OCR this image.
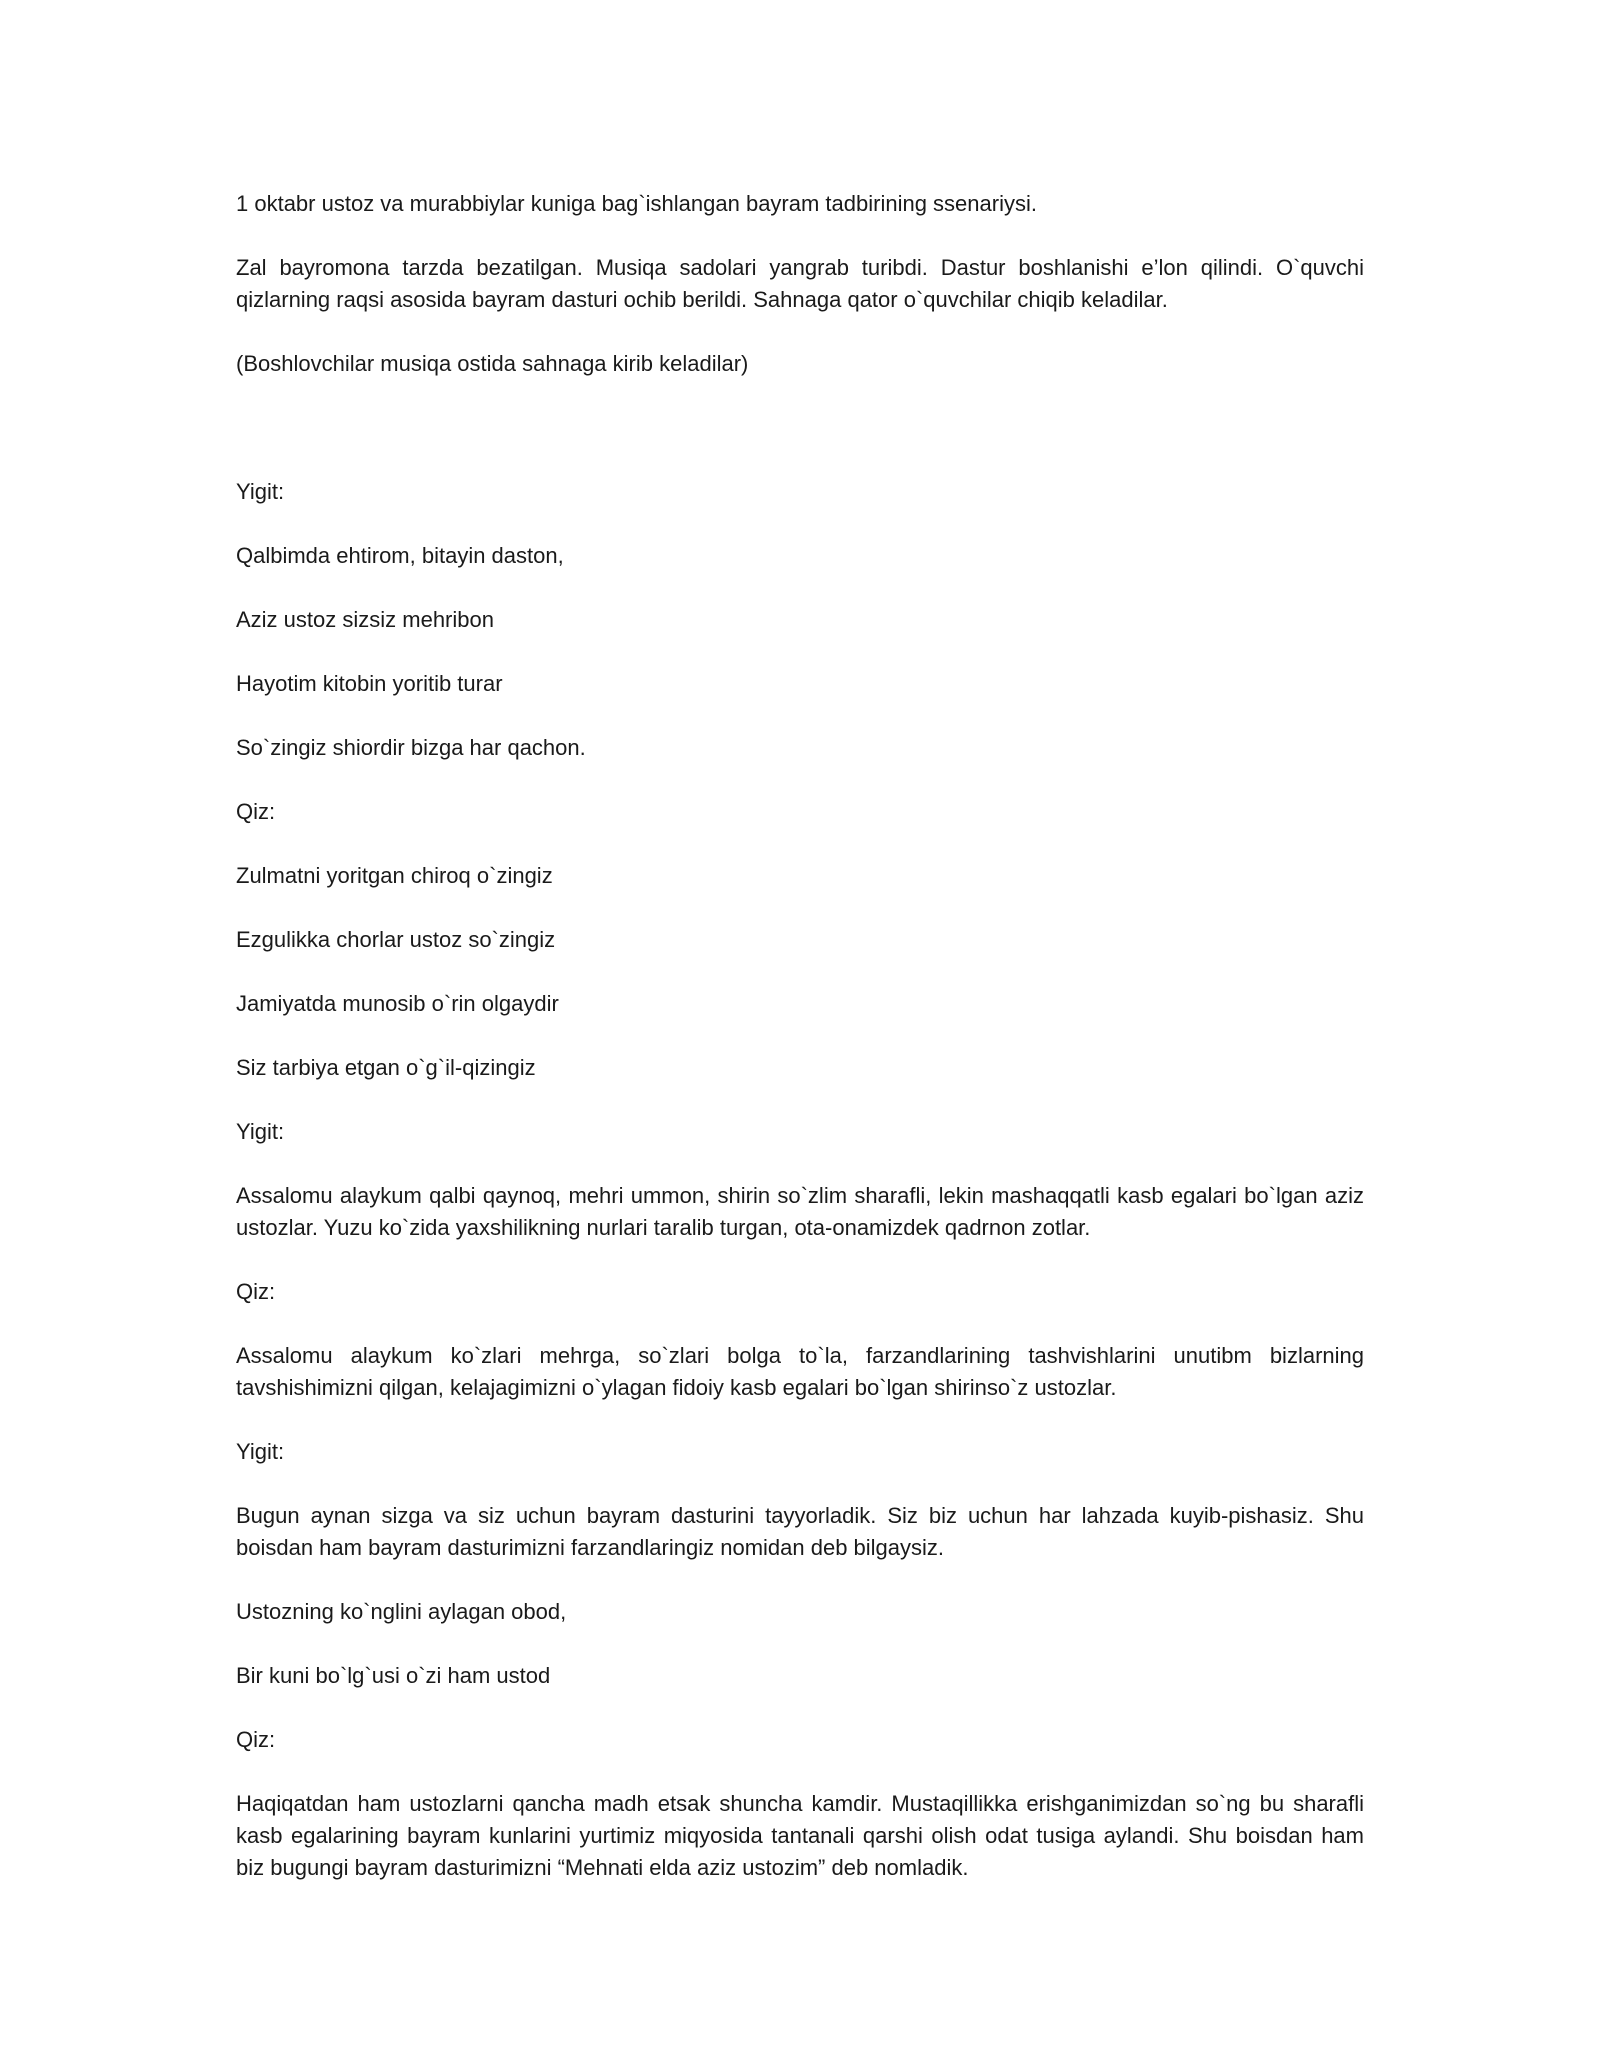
1 oktabr ustoz va murabbiylar kuniga bag`ishlangan bayram tadbirining ssenariysi.

Zal bayromona tarzda bezatilgan. Musiqa sadolari yangrab turibdi. Dastur boshlanishi e’lon qilindi. O`quvchi qizlarning raqsi asosida bayram dasturi ochib berildi. Sahnaga qator o`quvchilar chiqib keladilar.

(Boshlovchilar musiqa ostida sahnaga kirib keladilar)

Yigit:

Qalbimda ehtirom, bitayin daston,

Aziz ustoz sizsiz mehribon

Hayotim kitobin yoritib turar

So`zingiz shiordir bizga har qachon.

Qiz:

Zulmatni yoritgan chiroq o`zingiz

Ezgulikka chorlar ustoz so`zingiz

Jamiyatda munosib o`rin olgaydir

Siz tarbiya etgan o`g`il-qizingiz

Yigit:

Assalomu alaykum qalbi qaynoq, mehri ummon, shirin so`zlim sharafli, lekin mashaqqatli kasb egalari bo`lgan aziz ustozlar. Yuzu ko`zida yaxshilikning nurlari taralib turgan, ota-onamizdek qadrnon zotlar.

Qiz:

Assalomu alaykum ko`zlari mehrga, so`zlari bolga to`la, farzandlarining tashvishlarini unutibm bizlarning tavshishimizni qilgan, kelajagimizni o`ylagan fidoiy kasb egalari bo`lgan shirinso`z ustozlar.

Yigit:

Bugun aynan sizga va siz uchun bayram dasturini tayyorladik. Siz biz uchun har lahzada kuyib-pishasiz. Shu boisdan ham bayram dasturimizni farzandlaringiz nomidan deb bilgaysiz.

Ustozning ko`nglini aylagan obod,

Bir kuni bo`lg`usi o`zi ham ustod

Qiz:

Haqiqatdan ham ustozlarni qancha madh etsak shuncha kamdir. Mustaqillikka erishganimizdan so`ng bu sharafli kasb egalarining bayram kunlarini yurtimiz miqyosida tantanali qarshi olish odat tusiga aylandi. Shu boisdan ham biz bugungi bayram dasturimizni “Mehnati elda aziz ustozim” deb nomladik.
